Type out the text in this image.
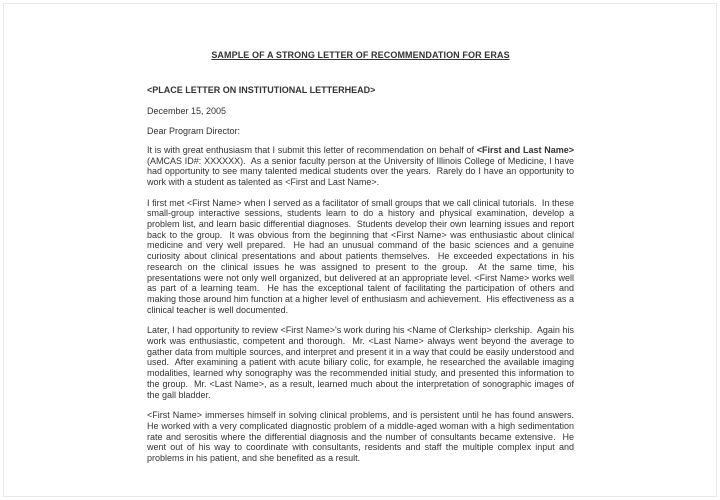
SAMPLE OF A STRONG LETTER OF RECOMMENDATION FOR ERAS

<PLACE LETTER ON INSTITUTIONAL LETTERHEAD>

December 15, 2005

Dear Program Director:

It is with great enthusiasm that I submit this letter of recommendation on behalf of <First and Last Name> (AMCAS ID#: XXXXXX).  As a senior faculty person at the University of Illinois College of Medicine, I have had opportunity to see many talented medical students over the years.  Rarely do I have an opportunity to work with a student as talented as <First and Last Name>.

I first met <First Name> when I served as a facilitator of small groups that we call clinical tutorials.  In these small-group interactive sessions, students learn to do a history and physical examination, develop a problem list, and learn basic differential diagnoses.  Students develop their own learning issues and report back to the group.  It was obvious from the beginning that <First Name> was enthusiastic about clinical medicine and very well prepared.  He had an unusual command of the basic sciences and a genuine curiosity about clinical presentations and about patients themselves.  He exceeded expectations in his research on the clinical issues he was assigned to present to the group.  At the same time, his presentations were not only well organized, but delivered at an appropriate level. <First Name> works well as part of a learning team.  He has the exceptional talent of facilitating the participation of others and making those around him function at a higher level of enthusiasm and achievement.  His effectiveness as a clinical teacher is well documented.

Later, I had opportunity to review <First Name>'s work during his <Name of Clerkship> clerkship.  Again his work was enthusiastic, competent and thorough.  Mr. <Last Name> always went beyond the average to gather data from multiple sources, and interpret and present it in a way that could be easily understood and used.  After examining a patient with acute biliary colic, for example, he researched the available imaging modalities, learned why sonography was the recommended initial study, and presented this information to the group.  Mr. <Last Name>, as a result, learned much about the interpretation of sonographic images of the gall bladder.

<First Name> immerses himself in solving clinical problems, and is persistent until he has found answers. He worked with a very complicated diagnostic problem of a middle-aged woman with a high sedimentation rate and serositis where the differential diagnosis and the number of consultants became extensive.  He went out of his way to coordinate with consultants, residents and staff the multiple complex input and problems in his patient, and she benefited as a result.
